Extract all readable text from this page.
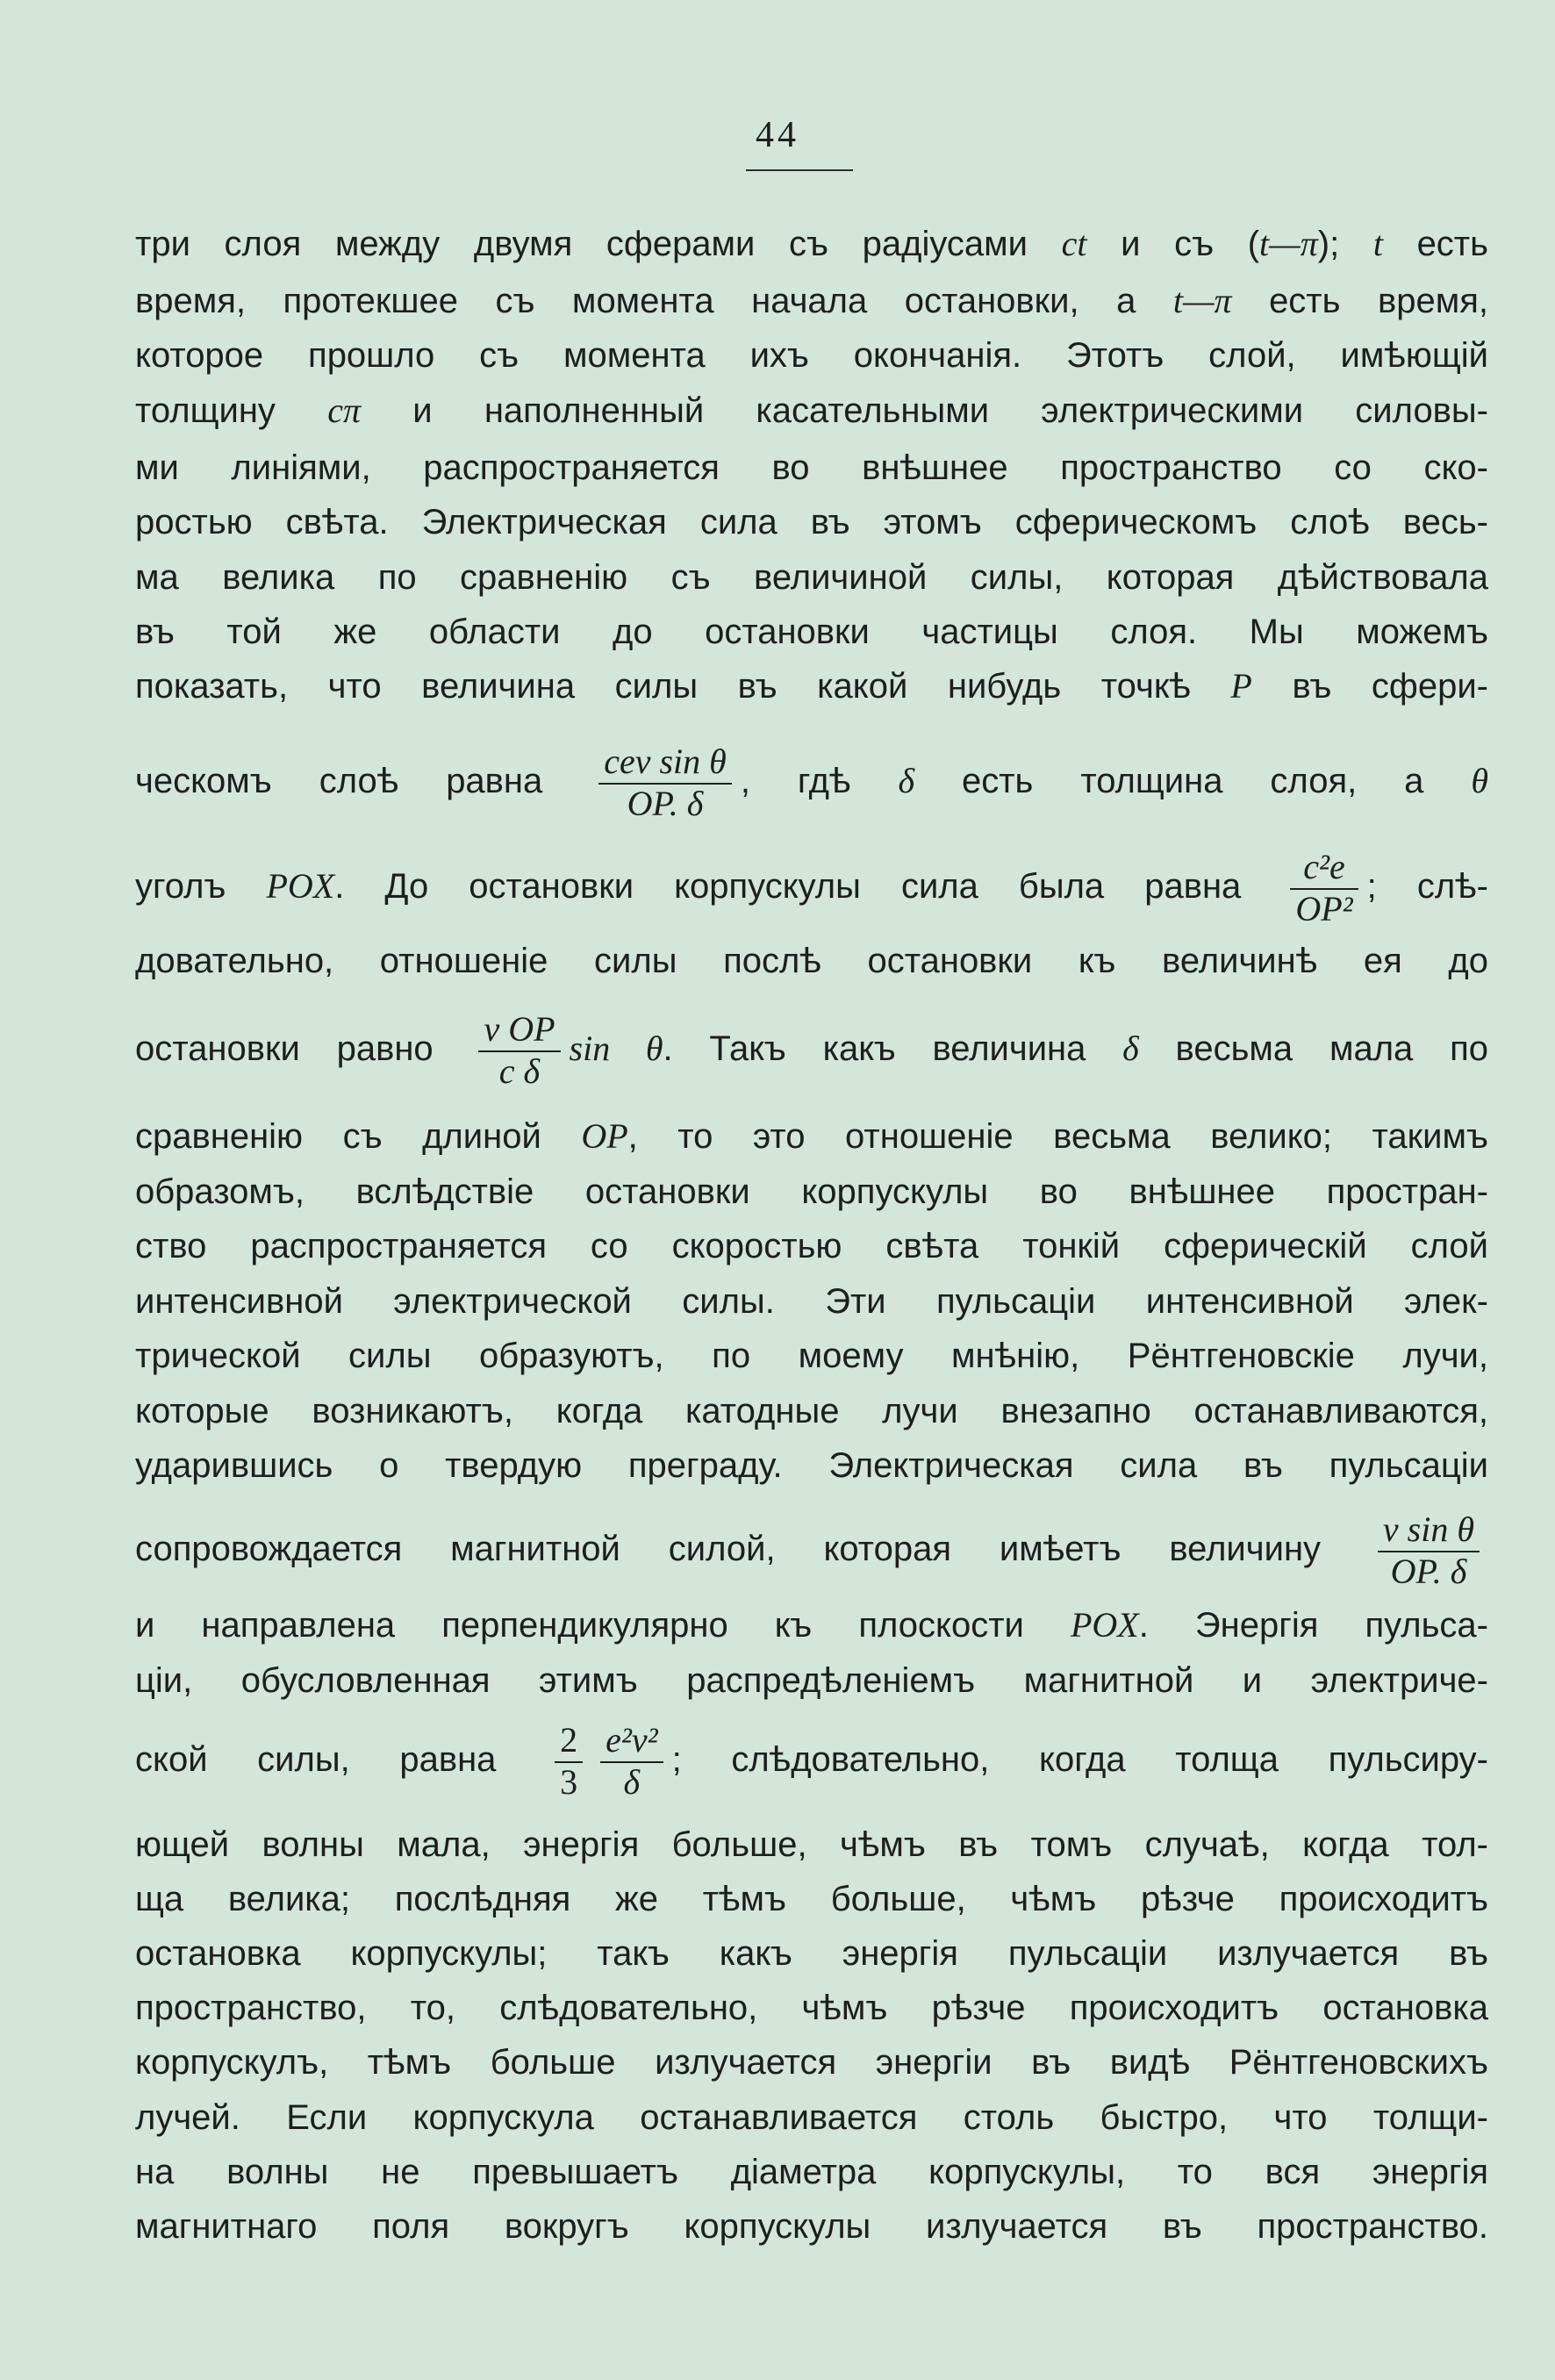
44
три слоя между двумя сферами съ радіусами ct и съ (t—π); t есть
время, протекшее съ момента начала остановки, а t—π есть время,
которое прошло съ момента ихъ окончанія. Этотъ слой, имѣющій
толщину cπ и наполненный касательными электрическими силовы-
ми линіями, распространяется во внѣшнее пространство со ско-
ростью свѣта. Электрическая сила въ этомъ сферическомъ слоѣ весь-
ма велика по сравненію съ величиной силы, которая дѣйствовала
въ той же области до остановки частицы слоя. Мы можемъ
показать, что величина силы въ какой нибудь точкѣ P въ сфери-
ческомъ слоѣ равна $\frac{\text{cev sin θ}}{OP. \delta}$ , гдѣ δ есть толщина слоя, а θ
уголъ POX. До остановки корпускулы сила была равна $\frac{\text{c²e}}{\text{OP²}}$ ; слѣ-
довательно, отношеніе силы послѣ остановки къ величинѣ ея до
остановки равно $\frac{\text{v OP}}{\text{c δ}}$ sin θ. Такъ какъ величина δ весьма мала по
сравненію съ длиной OP, то это отношеніе весьма велико; такимъ
образомъ, вслѣдствіе остановки корпускулы во внѣшнее простран-
ство распространяется со скоростью свѣта тонкій сферическій слой
интенсивной электрической силы. Эти пульсаціи интенсивной элек-
трической силы образуютъ, по моему мнѣнію, Рёнтгеновскіе лучи,
которые возникаютъ, когда катодные лучи внезапно останавливаются,
ударившись о твердую преграду. Электрическая сила въ пульсаціи
сопровождается магнитной силой, которая имѣетъ величину $\frac{\text{v sin θ}}{OP. \delta}$
и направлена перпендикулярно къ плоскости POX. Энергія пульса-
ціи, обусловленная этимъ распредѣленіемъ магнитной и электриче-
ской силы, равна $\frac{2}{3} \frac{\text{e²v²}}{\delta}$ ; слѣдовательно, когда толща пульсиру-
ющей волны мала, энергія больше, чѣмъ въ томъ случаѣ, когда тол-
ща велика; послѣдняя же тѣмъ больше, чѣмъ рѣзче происходитъ
остановка корпускулы; такъ какъ энергія пульсаціи излучается въ
пространство, то, слѣдовательно, чѣмъ рѣзче происходитъ остановка
корпускулъ, тѣмъ больше излучается энергіи въ видѣ Рёнтгеновскихъ
лучей. Если корпускула останавливается столь быстро, что толщи-
на волны не превышаетъ діаметра корпускулы, то вся энергія
магнитнаго поля вокругъ корпускулы излучается въ пространство.
